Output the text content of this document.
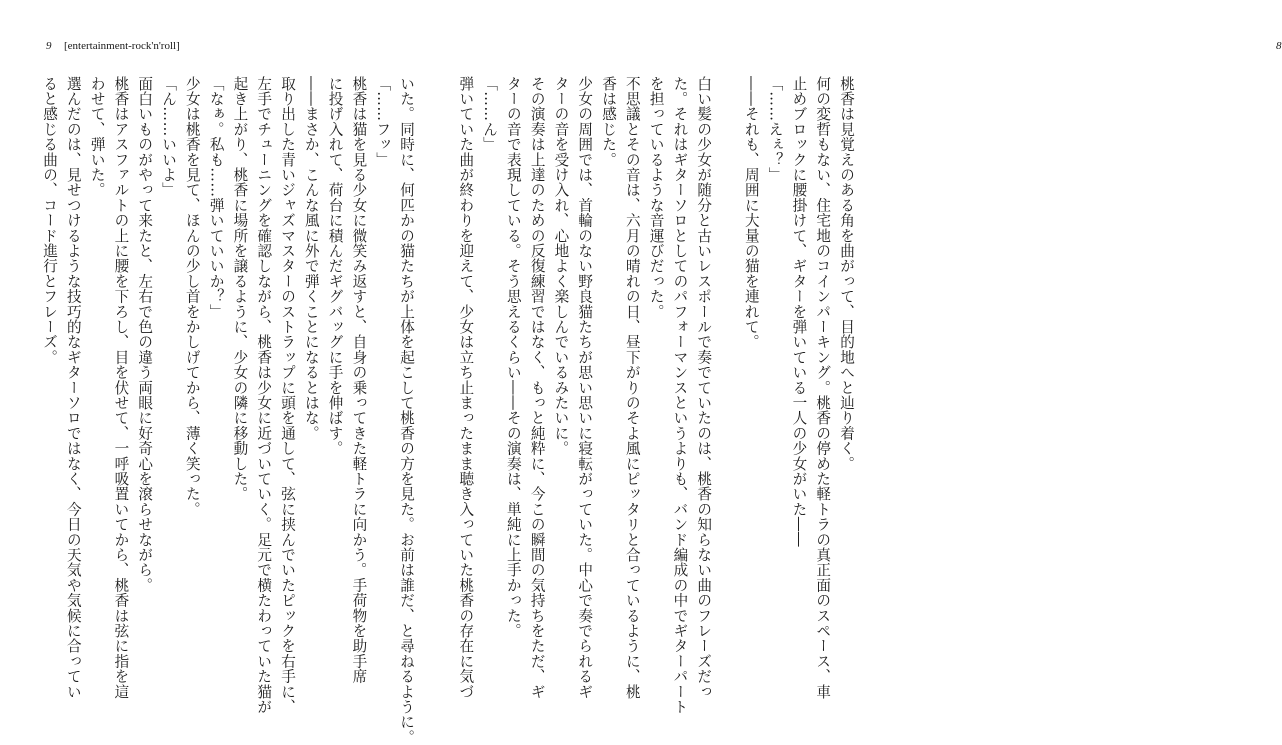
9 [entertainment-rock'n'roll]
いた。同時に、何匹かの猫たちが上体を起こして桃香の方を見た。お前は誰だ、と尋ねるように。
「……フッ」
桃香は猫を見る少女に微笑み返すと、自身の乗ってきた軽トラに向かう。手荷物を助手席
に投げ入れて、荷台に積んだギグバッグに手を伸ばす。
――まさか、こんな風に外で弾くことになるとはな。
取り出した青いジャズマスターのストラップに頭を通して、弦に挟んでいたピックを右手に、
左手でチューニングを確認しながら、桃香は少女に近づいていく。足元で横たわっていた猫が
起き上がり、桃香に場所を譲るように、少女の隣に移動した。
「なぁ。私も……弾いていいか？」
少女は桃香を見て、ほんの少し首をかしげてから、薄く笑った。
「ん……いいよ」
面白いものがやって来たと、左右で色の違う両眼に好奇心を滾らせながら。
桃香はアスファルトの上に腰を下ろし、目を伏せて、一呼吸置いてから、桃香は弦に指を這
わせて、弾いた。
選んだのは、見せつけるような技巧的なギターソロではなく、今日の天気や気候に合ってい
ると感じる曲の、コード進行とフレーズ。
8
桃香は見覚えのある角を曲がって、目的地へと辿り着く。
何の変哲もない、住宅地のコインパーキング。桃香の停めた軽トラの真正面のスペース、車
止めブロックに腰掛けて、ギターを弾いている一人の少女がいた――
「……えぇ？」
――それも、周囲に大量の猫を連れて。

白い髪の少女が随分と古いレスポールで奏でていたのは、桃香の知らない曲のフレーズだっ
た。それはギターソロとしてのパフォーマンスというよりも、バンド編成の中でギターパート
を担っているような音運びだった。
不思議とその音は、六月の晴れの日、昼下がりのそよ風にピッタリと合っているように、桃
香は感じた。
少女の周囲では、首輪のない野良猫たちが思い思いに寝転がっていた。中心で奏でられるギ
ターの音を受け入れ、心地よく楽しんでいるみたいに。
その演奏は上達のための反復練習ではなく、もっと純粋に、今この瞬間の気持ちをただ、ギ
ターの音で表現している。そう思えるくらい――その演奏は、単純に上手かった。
「……ん」
弾いていた曲が終わりを迎えて、少女は立ち止まったまま聴き入っていた桃香の存在に気づ
